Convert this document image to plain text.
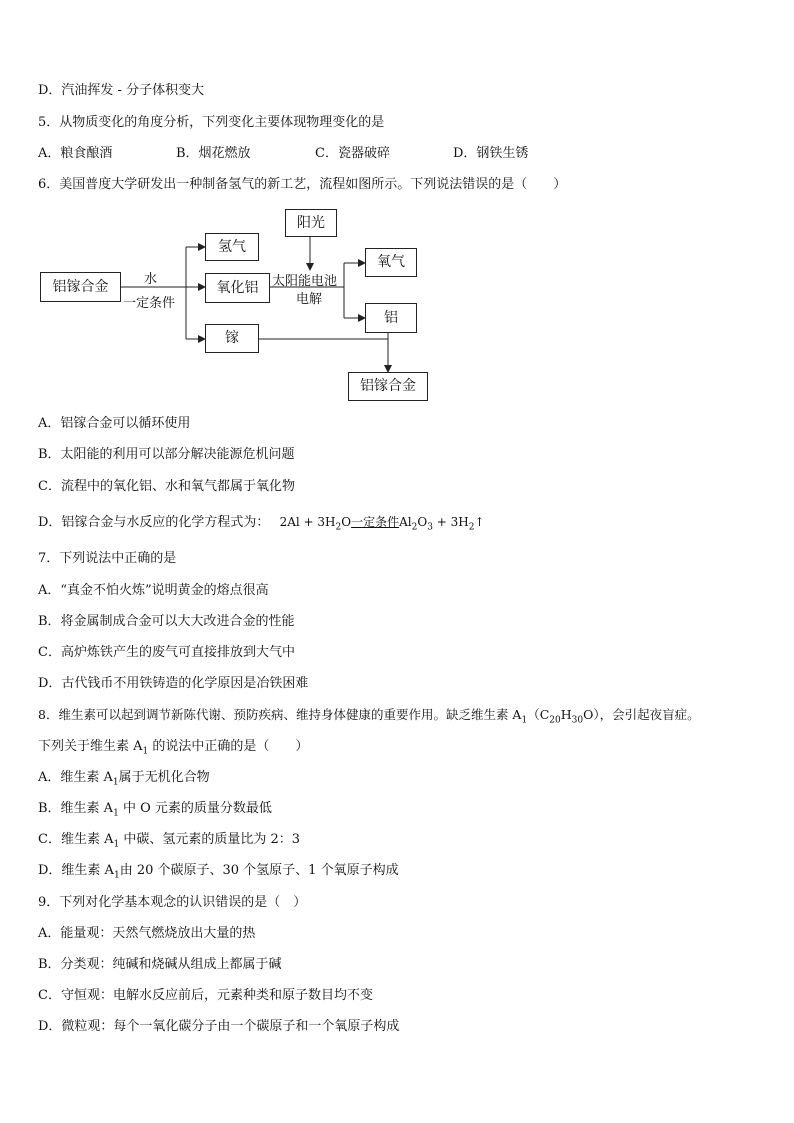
D．汽油挥发 - 分子体积变大
5．从物质变化的角度分析，下列变化主要体现物理变化的是
A．粮食酿酒	B．烟花燃放	C．瓷器破碎	D．钢铁生锈
6．美国普度大学研发出一种制备氢气的新工艺，流程如图所示。下列说法错误的是（　　）
铝镓合金	水
一定条件
氢气
氧化铝
镓
阳光
太阳能电池
电解
氧气
铝
铝镓合金
A．铝镓合金可以循环使用
B．太阳能的利用可以部分解决能源危机问题
C．流程中的氧化铝、水和氧气都属于氧化物
D．铝镓合金与水反应的化学方程式为： $2Al + 3H_2O$一定条件$Al_2O_3$ + $3H_2↑$
7．下列说法中正确的是
A．“真金不怕火炼”说明黄金的熔点很高
B．将金属制成合金可以大大改进合金的性能
C．高炉炼铁产生的废气可直接排放到大气中
D．古代钱币不用铁铸造的化学原因是冶铁困难
8．维生素可以起到调节新陈代谢、预防疾病、维持身体健康的重要作用。缺乏维生素 $A_1(C_{20}H_{30}O)$，会引起夜盲症。
下列关于维生素 $A_1$ 的说法中正确的是（　　）
A．维生素 $A_1$属于无机化合物
B．维生素 $A_1$ 中 O 元素的质量分数最低
C．维生素 $A_1$ 中碳、氢元素的质量比为 2：3
D．维生素 $A_1$由 20 个碳原子、30 个氢原子、1 个氧原子构成
9．下列对化学基本观念的认识错误的是（　）
A．能量观：天然气燃烧放出大量的热
B．分类观：纯碱和烧碱从组成上都属于碱
C．守恒观：电解水反应前后，元素种类和原子数目均不变
D．微粒观：每个一氧化碳分子由一个碳原子和一个氧原子构成
